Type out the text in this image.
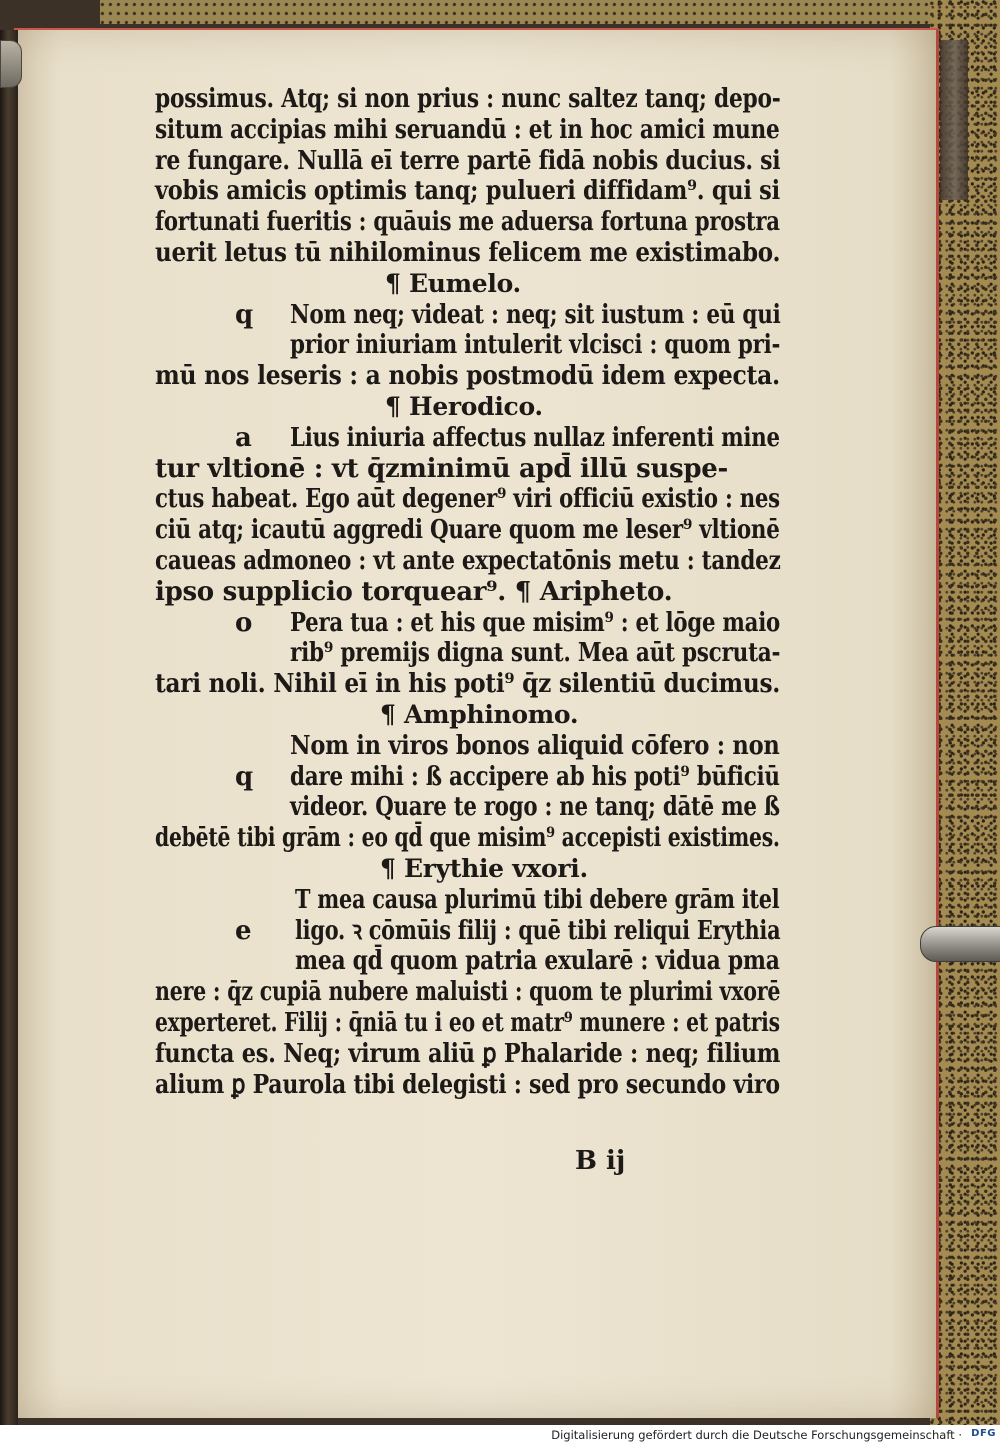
possimus. Atq; si non prius : nunc saltez tanq; depo-
situm accipias mihi seruandū : et in hoc amici mune
re fungare. Nullā eī terre partē fidā nobis ducius. si
vobis amicis optimis tanq; pulueri diffidam⁹. qui si
fortunati fueritis : quāuis me aduersa fortuna prostra
uerit letus tū nihilominus felicem me existimabo.
¶ Eumelo.
q Nom neq; videat : neq; sit iustum : eū qui
prior iniuriam intulerit vlcisci : quom pri-
mū nos leseris : a nobis postmodū idem expecta.
¶ Herodico.
a Lius iniuria affectus nullaz inferenti mine
tur vltionē : vt q̄zminimū apd̄ illū suspe-
ctus habeat. Ego aūt degener⁹ viri officiū existio : nes
ciū atq; icautū aggredi Quare quom me leser⁹ vltionē
caueas admoneo : vt ante expectatōnis metu : tandez
ipso supplicio torquear⁹. ¶ Aripheto.
o Pera tua : et his que misim⁹ : et lōge maio
rib⁹ premijs digna sunt. Mea aūt pscruta-
tari noli. Nihil eī in his poti⁹ q̄z silentiū ducimus.
¶ Amphinomo.
Nom in viros bonos aliquid cōfero : non
q dare mihi : ß accipere ab his poti⁹ būficiū
videor. Quare te rogo : ne tanq; dātē me ß
debētē tibi grām : eo qd̄ que misim⁹ accepisti existimes.
¶ Erythie vxori.
T mea causa plurimū tibi debere grām itel
e ligo. ꝛ cōmūis filij : quē tibi reliqui Erythia
mea qd̄ quom patria exularē : vidua pma
nere : q̄z cupiā nubere maluisti : quom te plurimi vxorē
experteret. Filij : q̄niā tu i eo et matr⁹ munere : et patris
functa es. Neq; virum aliū ꝑ Phalaride : neq; filium
alium ꝑ Paurola tibi delegisti : sed pro secundo viro
B ij
Digitalisierung gefördert durch die Deutsche Forschungsgemeinschaft · DFG
